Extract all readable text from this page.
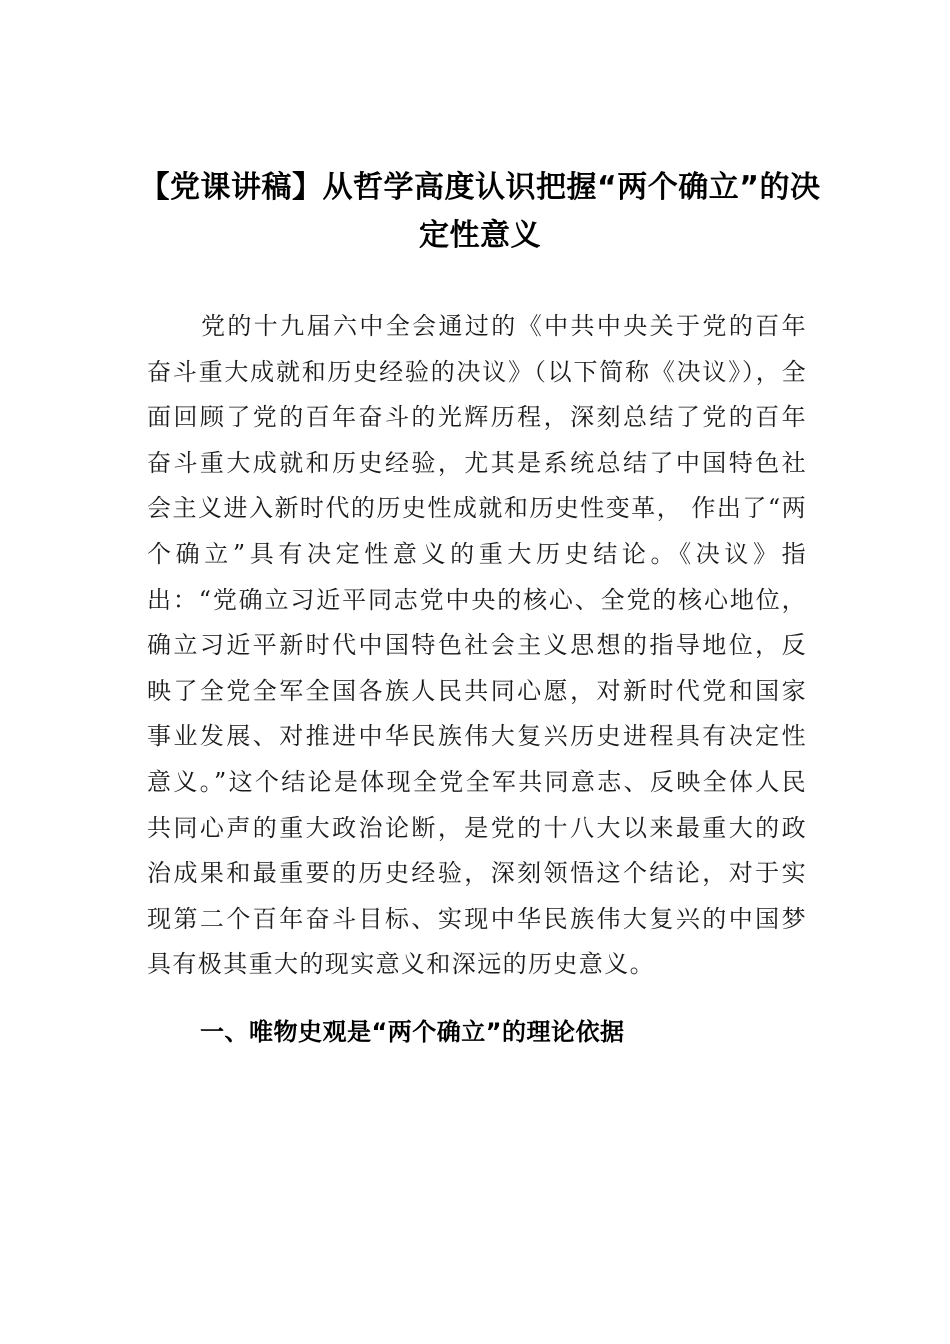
【党课讲稿】从哲学高度认识把握“两个确立”的决定性意义

党的十九届六中全会通过的《中共中央关于党的百年奋斗重大成就和历史经验的决议》（以下简称《决议》），全面回顾了党的百年奋斗的光辉历程，深刻总结了党的百年奋斗重大成就和历史经验，尤其是系统总结了中国特色社会主义进入新时代的历史性成就和历史性变革， 作出了“两个确立”具有决定性意义的重大历史结论。《决议》指出：“党确立习近平同志党中央的核心、全党的核心地位，确立习近平新时代中国特色社会主义思想的指导地位，反映了全党全军全国各族人民共同心愿，对新时代党和国家事业发展、对推进中华民族伟大复兴历史进程具有决定性意义。”这个结论是体现全党全军共同意志、反映全体人民共同心声的重大政治论断，是党的十八大以来最重大的政治成果和最重要的历史经验，深刻领悟这个结论，对于实现第二个百年奋斗目标、实现中华民族伟大复兴的中国梦具有极其重大的现实意义和深远的历史意义。

一、唯物史观是“两个确立”的理论依据
